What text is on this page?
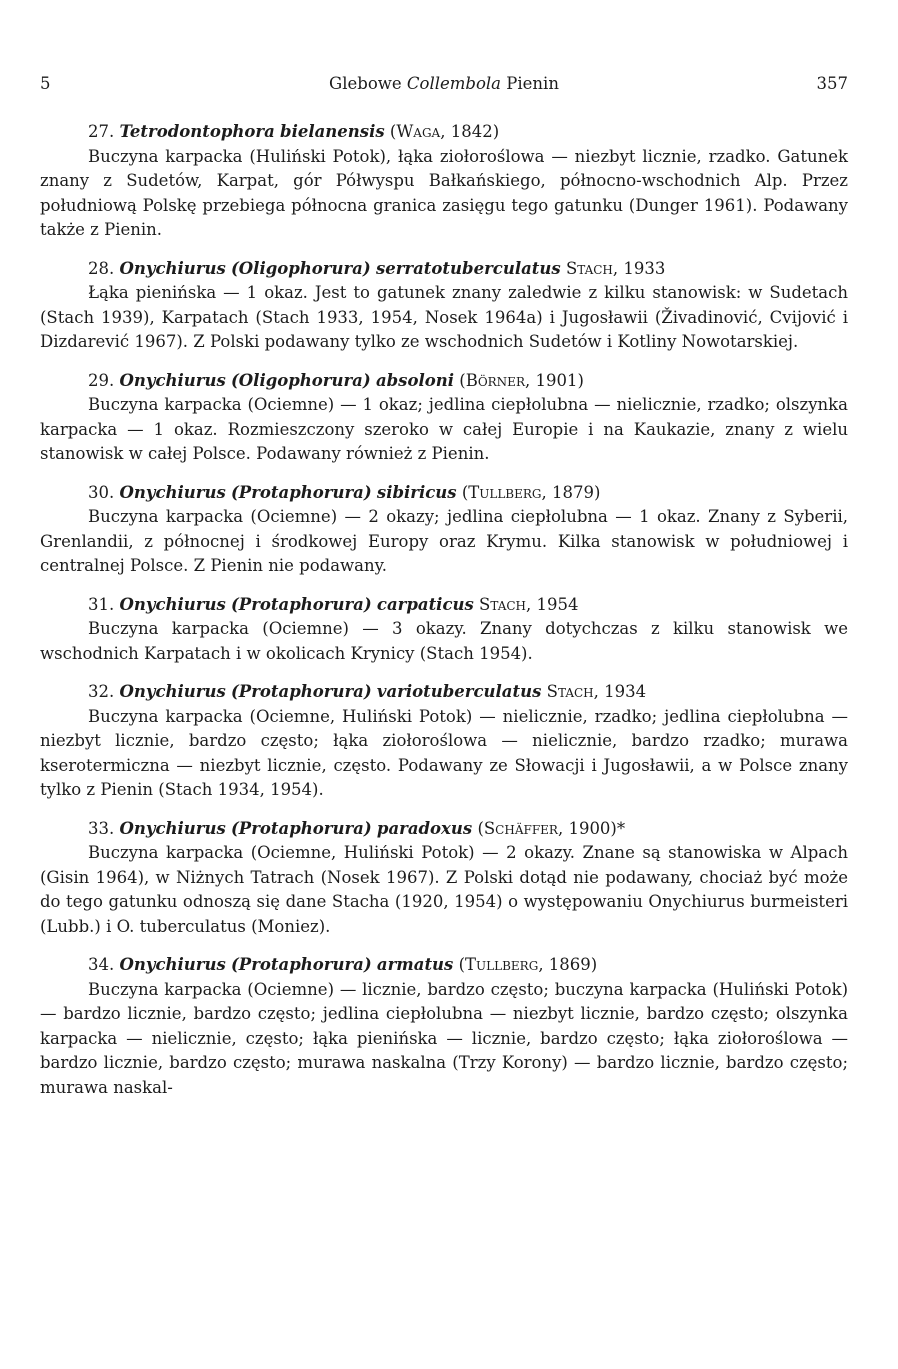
5	Glebowe Collembola Pienin	357

27. Tetrodontophora bielanensis (Waga, 1842)

Buczyna karpacka (Huliński Potok), łąka ziołoroślowa — niezbyt licznie, rzadko. Gatunek znany z Sudetów, Karpat, gór Półwyspu Bałkańskiego, północno-wschodnich Alp. Przez południową Polskę przebiega północna granica zasięgu tego gatunku (Dunger 1961). Podawany także z Pienin.

28. Onychiurus (Oligophorura) serratotuberculatus Stach, 1933

Łąka pienińska — 1 okaz. Jest to gatunek znany zaledwie z kilku stanowisk: w Sudetach (Stach 1939), Karpatach (Stach 1933, 1954, Nosek 1964a) i Jugosławii (Živadinović, Cvijović i Dizdarević 1967). Z Polski podawany tylko ze wschodnich Sudetów i Kotliny Nowotarskiej.

29. Onychiurus (Oligophorura) absoloni (Börner, 1901)

Buczyna karpacka (Ociemne) — 1 okaz; jedlina ciepłolubna — nielicznie, rzadko; olszynka karpacka — 1 okaz. Rozmieszczony szeroko w całej Europie i na Kaukazie, znany z wielu stanowisk w całej Polsce. Podawany również z Pienin.

30. Onychiurus (Protaphorura) sibiricus (Tullberg, 1879)

Buczyna karpacka (Ociemne) — 2 okazy; jedlina ciepłolubna — 1 okaz. Znany z Syberii, Grenlandii, z północnej i środkowej Europy oraz Krymu. Kilka stanowisk w południowej i centralnej Polsce. Z Pienin nie podawany.

31. Onychiurus (Protaphorura) carpaticus Stach, 1954

Buczyna karpacka (Ociemne) — 3 okazy. Znany dotychczas z kilku stanowisk we wschodnich Karpatach i w okolicach Krynicy (Stach 1954).

32. Onychiurus (Protaphorura) variotuberculatus Stach, 1934

Buczyna karpacka (Ociemne, Huliński Potok) — nielicznie, rzadko; jedlina ciepłolubna — niezbyt licznie, bardzo często; łąka ziołoroślowa — nielicznie, bardzo rzadko; murawa kserotermiczna — niezbyt licznie, często. Podawany ze Słowacji i Jugosławii, a w Polsce znany tylko z Pienin (Stach 1934, 1954).

33. Onychiurus (Protaphorura) paradoxus (Schäffer, 1900)*

Buczyna karpacka (Ociemne, Huliński Potok) — 2 okazy. Znane są stanowiska w Alpach (Gisin 1964), w Niżnych Tatrach (Nosek 1967). Z Polski dotąd nie podawany, chociaż być może do tego gatunku odnoszą się dane Stacha (1920, 1954) o występowaniu Onychiurus burmeisteri (Lubb.) i O. tuberculatus (Moniez).

34. Onychiurus (Protaphorura) armatus (Tullberg, 1869)

Buczyna karpacka (Ociemne) — licznie, bardzo często; buczyna karpacka (Huliński Potok) — bardzo licznie, bardzo często; jedlina ciepłolubna — niezbyt licznie, bardzo często; olszynka karpacka — nielicznie, często; łąka pienińska — licznie, bardzo często; łąka ziołoroślowa — bardzo licznie, bardzo często; murawa naskalna (Trzy Korony) — bardzo licznie, bardzo często; murawa naskal-
